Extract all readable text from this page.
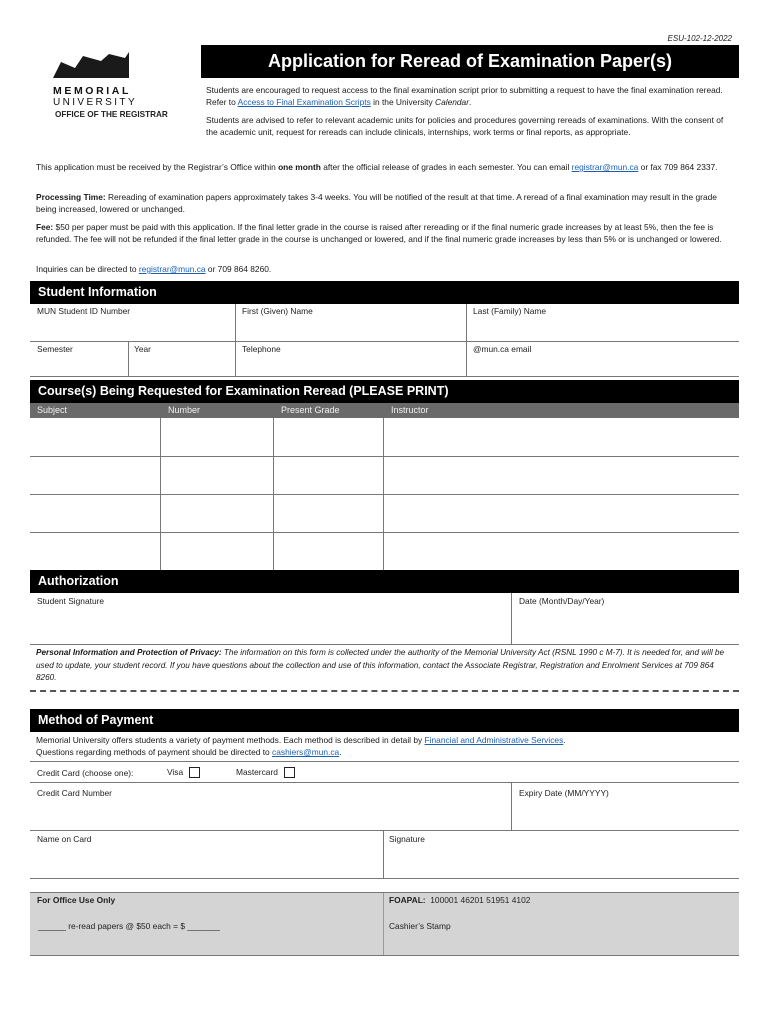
ESU-102-12-2022
Application for Reread of Examination Paper(s)
MEMORIAL
UNIVERSITY
OFFICE OF THE REGISTRAR
Students are encouraged to request access to the final examination script prior to submitting a request to have the final examination reread. Refer to Access to Final Examination Scripts in the University Calendar.
Students are advised to refer to relevant academic units for policies and procedures governing rereads of examinations. With the consent of the academic unit, request for rereads can include clinicals, internships, work terms or final reports, as appropriate.
This application must be received by the Registrar’s Office within one month after the official release of grades in each semester. You can email registrar@mun.ca or fax 709 864 2337.
Processing Time: Rereading of examination papers approximately takes 3-4 weeks. You will be notified of the result at that time. A reread of a final examination may result in the grade being increased, lowered or unchanged.
Fee: $50 per paper must be paid with this application. If the final letter grade in the course is raised after rereading or if the final numeric grade increases by at least 5%, then the fee is refunded. The fee will not be refunded if the final letter grade in the course is unchanged or lowered, and if the final numeric grade increases by less than 5% or is unchanged or lowered.
Inquiries can be directed to registrar@mun.ca or 709 864 8260.
Student Information
MUN Student ID Number	First (Given) Name	Last (Family) Name
Semester	Year	Telephone	@mun.ca email
Course(s) Being Requested for Examination Reread (PLEASE PRINT)
Subject	Number	Present Grade	Instructor
Authorization
Student Signature	Date (Month/Day/Year)
Personal Information and Protection of Privacy: The information on this form is collected under the authority of the Memorial University Act (RSNL 1990 c M-7). It is needed for, and will be used to update, your student record. If you have questions about the collection and use of this information, contact the Associate Registrar, Registration and Enrolment Services at 709 864 8260.
Method of Payment
Memorial University offers students a variety of payment methods. Each method is described in detail by Financial and Administrative Services.
Questions regarding methods of payment should be directed to cashiers@mun.ca.
Credit Card (choose one):	Visa	Mastercard
Credit Card Number	Expiry Date (MM/YYYY)
Name on Card	Signature
For Office Use Only	FOAPAL: 100001 46201 51951 4102
______ re-read papers @ $50 each = $ _______	Cashier’s Stamp
